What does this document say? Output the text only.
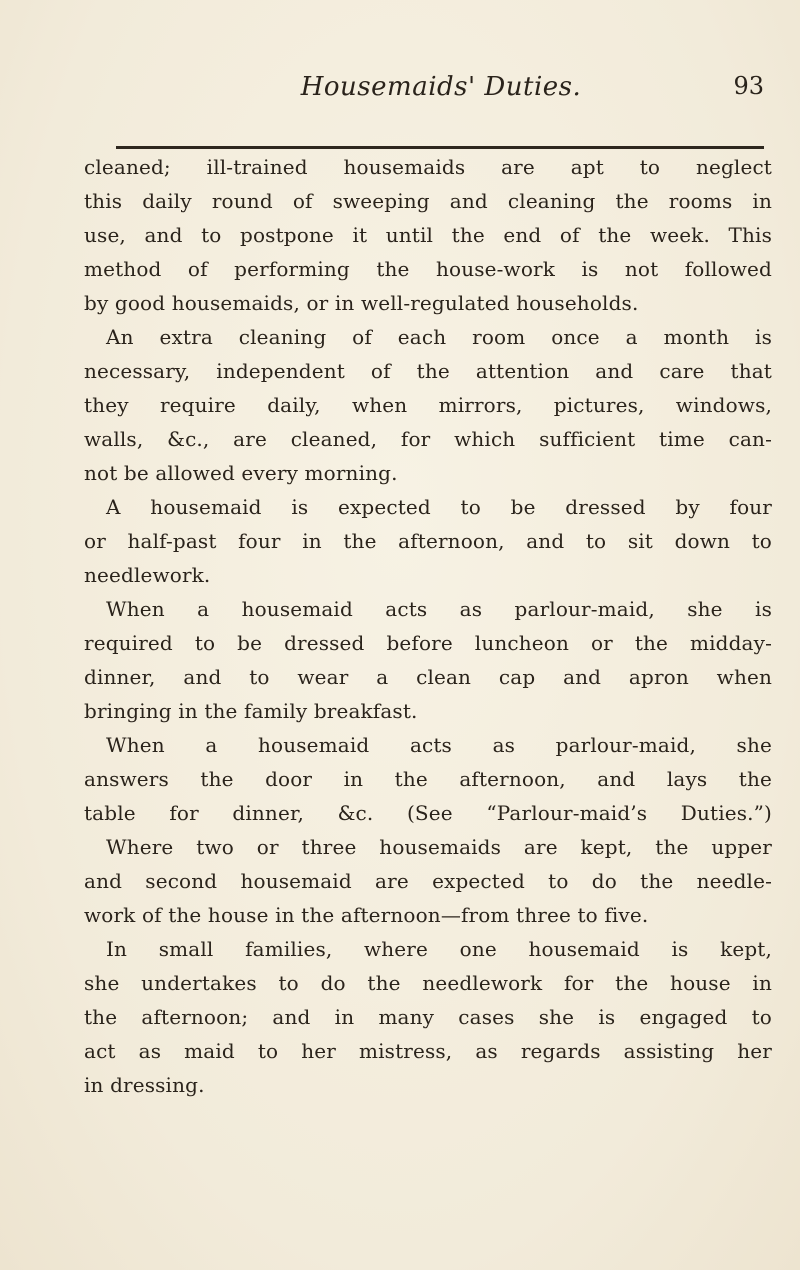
Housemaids' Duties.	93
cleaned; ill-trained housemaids are apt to neglect
this daily round of sweeping and cleaning the rooms in
use, and to postpone it until the end of the week. This
method of performing the house-work is not followed
by good housemaids, or in well-regulated households.
An extra cleaning of each room once a month is
necessary, independent of the attention and care that
they require daily, when mirrors, pictures, windows,
walls, &c., are cleaned, for which sufficient time can-
not be allowed every morning.
A housemaid is expected to be dressed by four
or half-past four in the afternoon, and to sit down to
needlework.
When a housemaid acts as parlour-maid, she is
required to be dressed before luncheon or the midday-
dinner, and to wear a clean cap and apron when
bringing in the family breakfast.
When a housemaid acts as parlour-maid, she
answers the door in the afternoon, and lays the
table for dinner, &c. (See “Parlour-maid’s Duties.”)
Where two or three housemaids are kept, the upper
and second housemaid are expected to do the needle-
work of the house in the afternoon—from three to five.
In small families, where one housemaid is kept,
she undertakes to do the needlework for the house in
the afternoon; and in many cases she is engaged to
act as maid to her mistress, as regards assisting her
in dressing.
